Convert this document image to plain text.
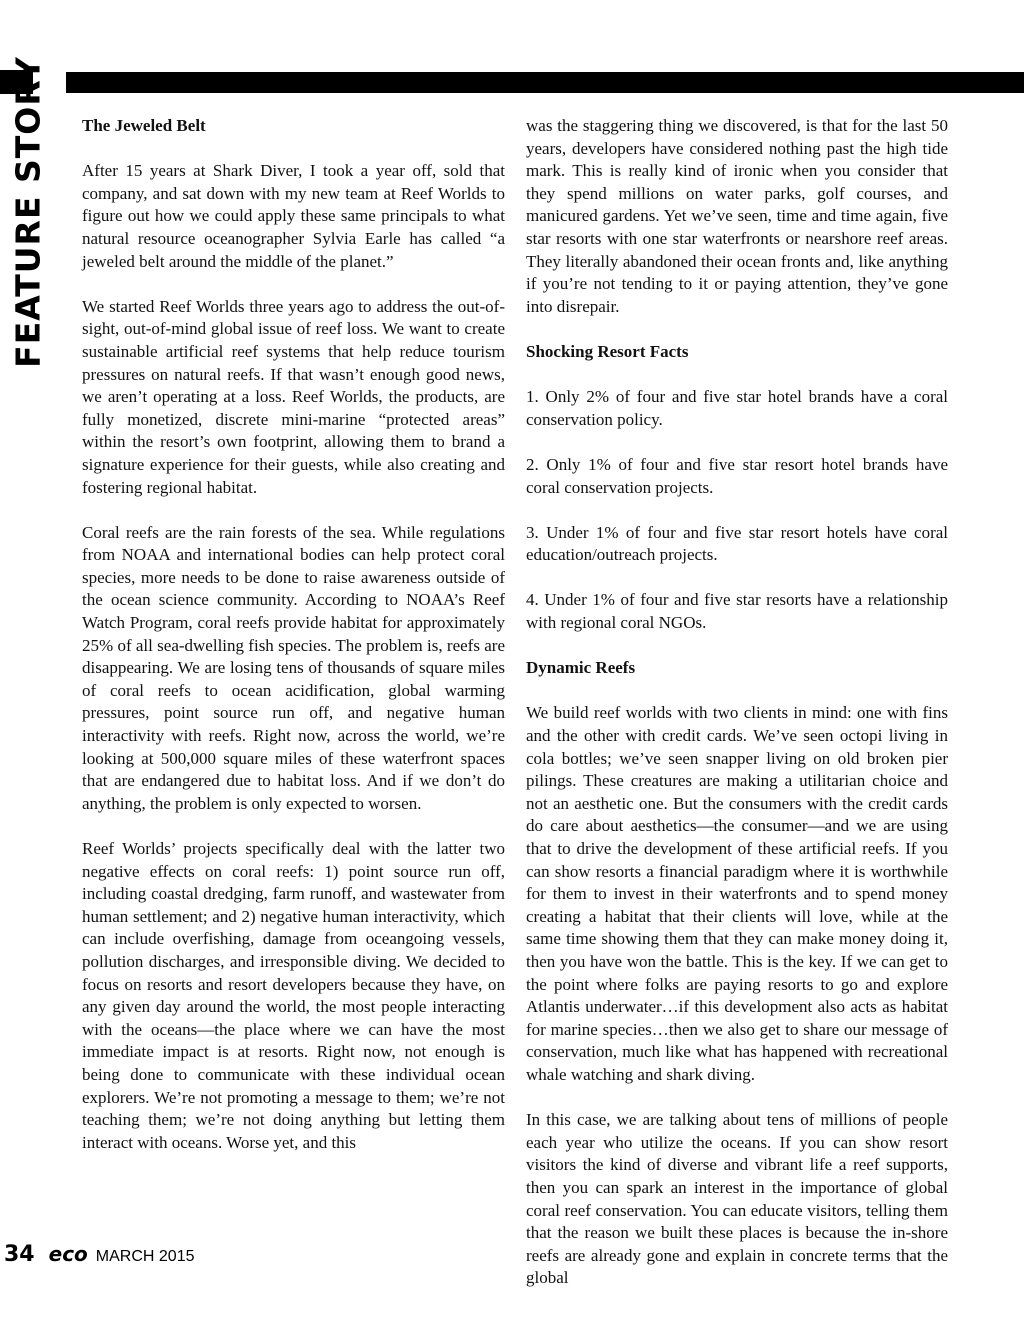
FEATURE STORY The Jeweled Belt

After 15 years at Shark Diver, I took a year off, sold that company, and sat down with my new team at Reef Worlds to figure out how we could apply these same principals to what natural resource oceanographer Sylvia Earle has called “a jeweled belt around the middle of the planet.”

We started Reef Worlds three years ago to address the out-of-sight, out-of-mind global issue of reef loss. We want to create sustainable artificial reef systems that help reduce tourism pressures on natural reefs. If that wasn’t enough good news, we aren’t operating at a loss. Reef Worlds, the products, are fully monetized, discrete mini-marine “protected areas” within the resort’s own footprint, allowing them to brand a signature experience for their guests, while also creating and fostering regional habitat.

Coral reefs are the rain forests of the sea. While regulations from NOAA and international bodies can help protect coral species, more needs to be done to raise awareness outside of the ocean science community. According to NOAA’s Reef Watch Program, coral reefs provide habitat for approximately 25% of all sea-dwelling fish species. The problem is, reefs are disappearing. We are losing tens of thousands of square miles of coral reefs to ocean acidification, global warming pressures, point source run off, and negative human interactivity with reefs. Right now, across the world, we’re looking at 500,000 square miles of these waterfront spaces that are endangered due to habitat loss. And if we don’t do anything, the problem is only expected to worsen.

Reef Worlds’ projects specifically deal with the latter two negative effects on coral reefs: 1) point source run off, including coastal dredging, farm runoff, and wastewater from human settlement; and 2) negative human interactivity, which can include overfishing, damage from oceangoing vessels, pollution discharges, and irresponsible diving. We decided to focus on resorts and resort developers because they have, on any given day around the world, the most people interacting with the oceans—the place where we can have the most immediate impact is at resorts. Right now, not enough is being done to communicate with these individual ocean explorers. We’re not promoting a message to them; we’re not teaching them; we’re not doing anything but letting them interact with oceans. Worse yet, and this

was the staggering thing we discovered, is that for the last 50 years, developers have considered nothing past the high tide mark. This is really kind of ironic when you consider that they spend millions on water parks, golf courses, and manicured gardens. Yet we’ve seen, time and time again, five star resorts with one star waterfronts or nearshore reef areas. They literally abandoned their ocean fronts and, like anything if you’re not tending to it or paying attention, they’ve gone into disrepair.

Shocking Resort Facts

1. Only 2% of four and five star hotel brands have a coral conservation policy.

2. Only 1% of four and five star resort hotel brands have coral conservation projects.

3. Under 1% of four and five star resort hotels have coral education/outreach projects.

4. Under 1% of four and five star resorts have a relationship with regional coral NGOs.

Dynamic Reefs

We build reef worlds with two clients in mind: one with fins and the other with credit cards. We’ve seen octopi living in cola bottles; we’ve seen snapper living on old broken pier pilings. These creatures are making a utilitarian choice and not an aesthetic one. But the consumers with the credit cards do care about aesthetics—the consumer—and we are using that to drive the development of these artificial reefs. If you can show resorts a financial paradigm where it is worthwhile for them to invest in their waterfronts and to spend money creating a habitat that their clients will love, while at the same time showing them that they can make money doing it, then you have won the battle. This is the key. If we can get to the point where folks are paying resorts to go and explore Atlantis underwater…if this development also acts as habitat for marine species…then we also get to share our message of conservation, much like what has happened with recreational whale watching and shark diving.

In this case, we are talking about tens of millions of people each year who utilize the oceans. If you can show resort visitors the kind of diverse and vibrant life a reef supports, then you can spark an interest in the importance of global coral reef conservation. You can educate visitors, telling them that the reason we built these places is because the in-shore reefs are already gone and explain in concrete terms that the global

34 eco MARCH 2015
